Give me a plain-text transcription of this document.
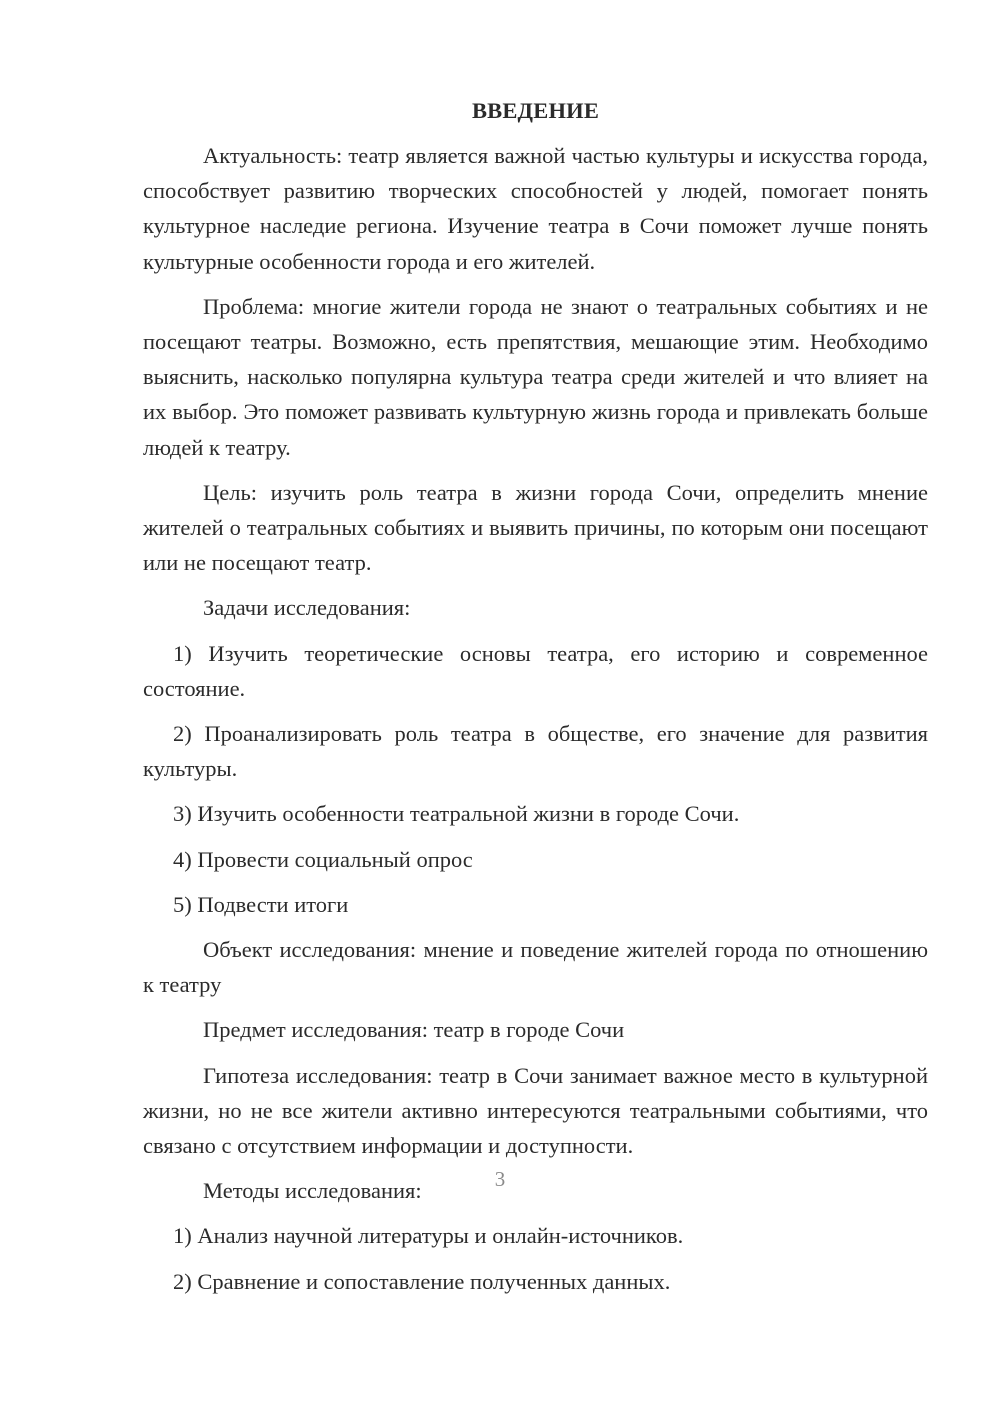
ВВЕДЕНИЕ

Актуальность: театр является важной частью культуры и искусства города, способствует развитию творческих способностей у людей, помогает понять культурное наследие региона. Изучение театра в Сочи поможет лучше понять культурные особенности города и его жителей.

Проблема: многие жители города не знают о театральных событиях и не посещают театры. Возможно, есть препятствия, мешающие этим. Необходимо выяснить, насколько популярна культура театра среди жителей и что влияет на их выбор. Это поможет развивать культурную жизнь города и привлекать больше людей к театру.

Цель: изучить роль театра в жизни города Сочи, определить мнение жителей о театральных событиях и выявить причины, по которым они посещают или не посещают театр.

Задачи исследования:

1) Изучить теоретические основы театра, его историю и современное состояние.

2) Проанализировать роль театра в обществе, его значение для развития культуры.

3) Изучить особенности театральной жизни в городе Сочи.

4) Провести социальный опрос

5) Подвести итоги

Объект исследования: мнение и поведение жителей города по отношению к театру

Предмет исследования: театр в городе Сочи

Гипотеза исследования: театр в Сочи занимает важное место в культурной жизни, но не все жители активно интересуются театральными событиями, что связано с отсутствием информации и доступности.

Методы исследования:

1) Анализ научной литературы и онлайн-источников.

2) Сравнение и сопоставление полученных данных.

3
